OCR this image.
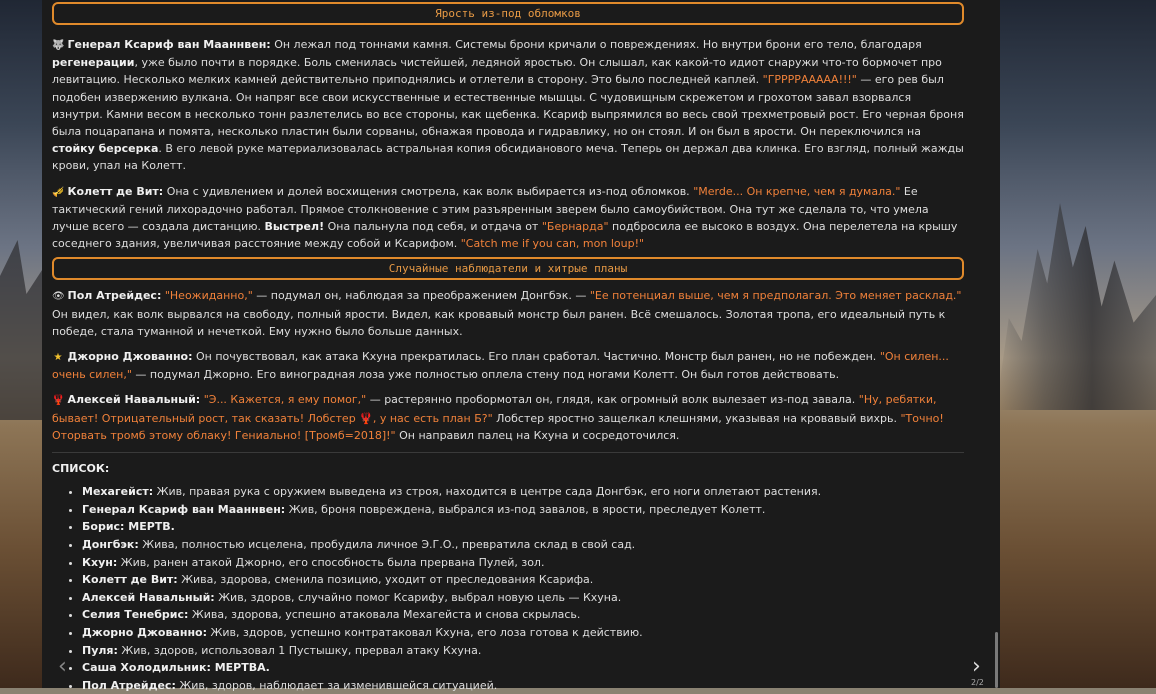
Ярость из-под обломков

🐺 Генерал Ксариф ван Мааннвен: Он лежал под тоннами камня. Системы брони кричали о повреждениях. Но внутри брони его тело, благодаря регенерации, уже было почти в порядке. Боль сменилась чистейшей, ледяной яростью. Он слышал, как какой-то идиот снаружи что-то бормочет про левитацию. Несколько мелких камней действительно приподнялись и отлетели в сторону. Это было последней каплей. "ГРРРРААААА!!!" — его рев был подобен извержению вулкана. Он напряг все свои искусственные и естественные мышцы. С чудовищным скрежетом и грохотом завал взорвался изнутри. Камни весом в несколько тонн разлетелись во все стороны, как щебенка. Ксариф выпрямился во весь свой трехметровый рост. Его черная броня была поцарапана и помята, несколько пластин были сорваны, обнажая провода и гидравлику, но он стоял. И он был в ярости. Он переключился на стойку берсерка. В его левой руке материализовалась астральная копия обсидианового меча. Теперь он держал два клинка. Его взгляд, полный жажды крови, упал на Колетт.

🎺 Колетт де Вит: Она с удивлением и долей восхищения смотрела, как волк выбирается из-под обломков. "Merde... Он крепче, чем я думала." Ее тактический гений лихорадочно работал. Прямое столкновение с этим разъяренным зверем было самоубийством. Она тут же сделала то, что умела лучше всего — создала дистанцию. Выстрел! Она пальнула под себя, и отдача от "Бернарда" подбросила ее высоко в воздух. Она перелетела на крышу соседнего здания, увеличивая расстояние между собой и Ксарифом. "Catch me if you can, mon loup!"

Случайные наблюдатели и хитрые планы

👁 Пол Атрейдес: "Неожиданно," — подумал он, наблюдая за преображением Донгбэк. — "Ее потенциал выше, чем я предполагал. Это меняет расклад." Он видел, как волк вырвался на свободу, полный ярости. Видел, как кровавый монстр был ранен. Всё смешалось. Золотая тропа, его идеальный путь к победе, стала туманной и нечеткой. Ему нужно было больше данных.

★ Джорно Джованно: Он почувствовал, как атака Кхуна прекратилась. Его план сработал. Частично. Монстр был ранен, но не побежден. "Он силен... очень силен," — подумал Джорно. Его виноградная лоза уже полностью оплела стену под ногами Колетт. Он был готов действовать.

🦞 Алексей Навальный: "Э... Кажется, я ему помог," — растерянно пробормотал он, глядя, как огромный волк вылезает из-под завала. "Ну, ребятки, бывает! Отрицательный рост, так сказать! Лобстер 🦞, у нас есть план Б?" Лобстер яростно защелкал клешнями, указывая на кровавый вихрь. "Точно! Оторвать тромб этому облаку! Гениально! [Тромб=2018]!" Он направил палец на Кхуна и сосредоточился.

СПИСОК:
• Мехагейст: Жив, правая рука с оружием выведена из строя, находится в центре сада Донгбэк, его ноги оплетают растения.
• Генерал Ксариф ван Мааннвен: Жив, броня повреждена, выбрался из-под завалов, в ярости, преследует Колетт.
• Борис: МЕРТВ.
• Донгбэк: Жива, полностью исцелена, пробудила личное Э.Г.О., превратила склад в свой сад.
• Кхун: Жив, ранен атакой Джорно, его способность была прервана Пулей, зол.
• Колетт де Вит: Жива, здорова, сменила позицию, уходит от преследования Ксарифа.
• Алексей Навальный: Жив, здоров, случайно помог Ксарифу, выбрал новую цель — Кхуна.
• Селия Тенебрис: Жива, здорова, успешно атаковала Мехагейста и снова скрылась.
• Джорно Джованно: Жив, здоров, успешно контратаковал Кхуна, его лоза готова к действию.
• Пуля: Жив, здоров, использовал 1 Пустышку, прервал атаку Кхуна.
• Саша Холодильник: МЕРТВА.
• Пол Атрейдес: Жив, здоров, наблюдает за изменившейся ситуацией.
‹	›
2/2
